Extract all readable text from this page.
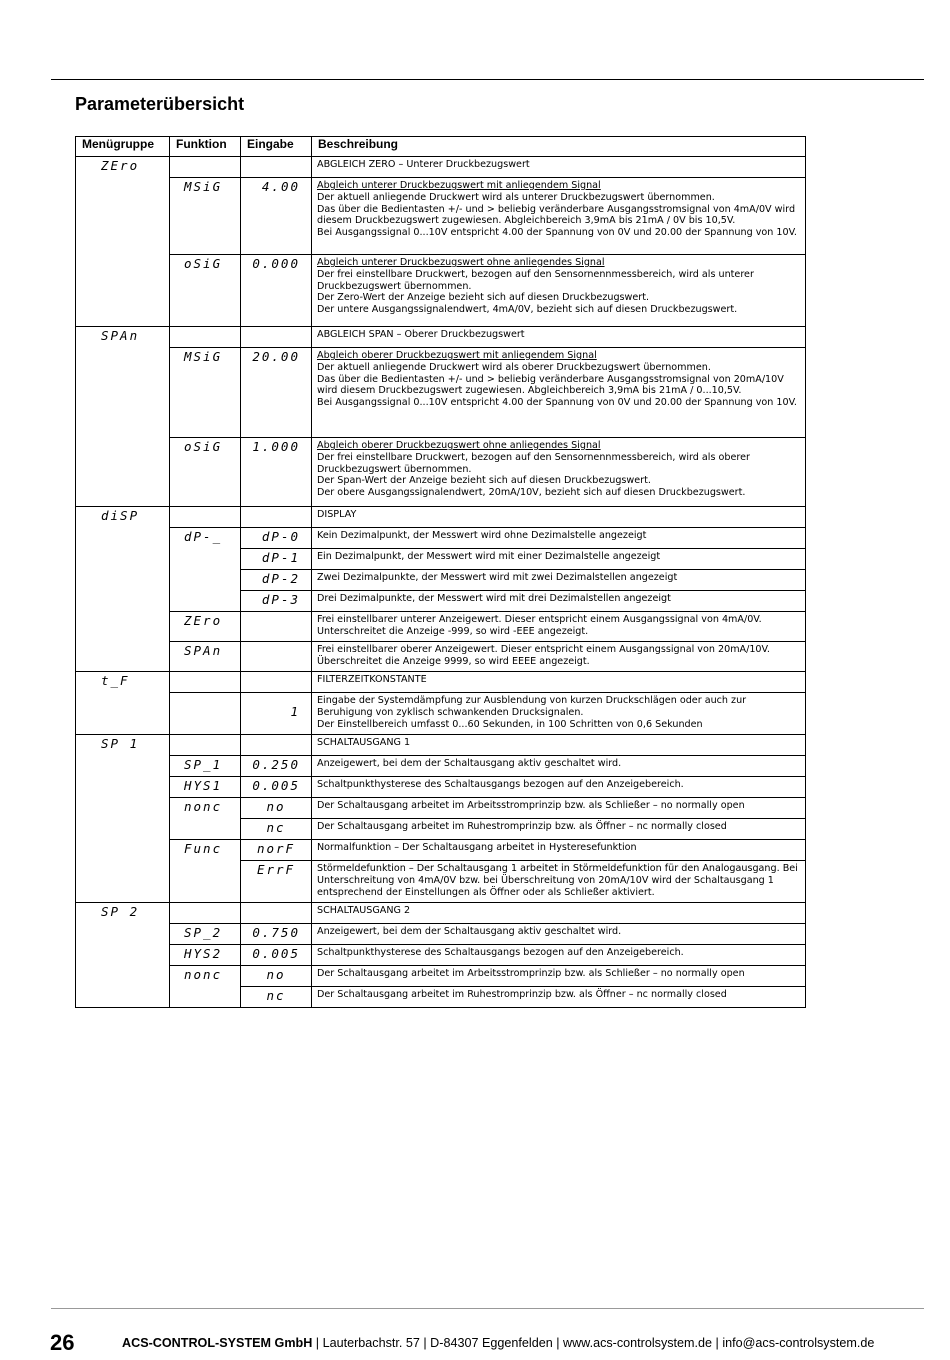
Parameterübersicht
Menügruppe	Funktion	Eingabe	Beschreibung

ZEro			ABGLEICH ZERO – Unterer Druckbezugswert

	MSiG	4.00	Abgleich unterer Druckbezugswert mit anliegendem Signal
Der aktuell anliegende Druckwert wird als unterer Druckbezugswert übernommen.
Das über die Bedientasten +/- und > beliebig veränderbare Ausgangsstromsignal von 4mA/0V wird diesem Druckbezugswert zugewiesen. Abgleichbereich 3,9mA bis 21mA / 0V bis 10,5V.
Bei Ausgangssignal 0...10V entspricht 4.00 der Spannung von 0V und 20.00 der Spannung von 10V.

	oSiG	0.000	Abgleich unterer Druckbezugswert ohne anliegendes Signal
Der frei einstellbare Druckwert, bezogen auf den Sensornennmessbereich, wird als unterer Druckbezugswert übernommen.
Der Zero-Wert der Anzeige bezieht sich auf diesen Druckbezugswert.
Der untere Ausgangssignalendwert, 4mA/0V, bezieht sich auf diesen Druckbezugswert.

SPAn			ABGLEICH SPAN – Oberer Druckbezugswert

	MSiG	20.00	Abgleich oberer Druckbezugswert mit anliegendem Signal
Der aktuell anliegende Druckwert wird als oberer Druckbezugswert übernommen.
Das über die Bedientasten +/- und > beliebig veränderbare Ausgangsstromsignal von 20mA/10V wird diesem Druckbezugswert zugewiesen. Abgleichbereich 3,9mA bis 21mA / 0...10,5V.
Bei Ausgangssignal 0...10V entspricht 4.00 der Spannung von 0V und 20.00 der Spannung von 10V.

	oSiG	1.000	Abgleich oberer Druckbezugswert ohne anliegendes Signal
Der frei einstellbare Druckwert, bezogen auf den Sensornennmessbereich, wird als oberer Druckbezugswert übernommen.
Der Span-Wert der Anzeige bezieht sich auf diesen Druckbezugswert.
Der obere Ausgangssignalendwert, 20mA/10V, bezieht sich auf diesen Druckbezugswert.

diSP			DISPLAY

	dP-_	dP-0	Kein Dezimalpunkt, der Messwert wird ohne Dezimalstelle angezeigt

		dP-1	Ein Dezimalpunkt, der Messwert wird mit einer Dezimalstelle angezeigt

		dP-2	Zwei Dezimalpunkte, der Messwert wird mit zwei Dezimalstellen angezeigt

		dP-3	Drei Dezimalpunkte, der Messwert wird mit drei Dezimalstellen angezeigt

	ZEro		Frei einstellbarer unterer Anzeigewert. Dieser entspricht einem Ausgangssignal von 4mA/0V.
Unterschreitet die Anzeige -999, so wird -EEE angezeigt.

	SPAn		Frei einstellbarer oberer Anzeigewert. Dieser entspricht einem Ausgangssignal von 20mA/10V.
Überschreitet die Anzeige 9999, so wird EEEE angezeigt.

t_F			FILTERZEITKONSTANTE

		1	Eingabe der Systemdämpfung zur Ausblendung von kurzen Druckschlägen oder auch zur Beruhigung von zyklisch schwankenden Drucksignalen.
Der Einstellbereich umfasst 0...60 Sekunden, in 100 Schritten von 0,6 Sekunden

SP 1			SCHALTAUSGANG 1

	SP_1	0.250	Anzeigewert, bei dem der Schaltausgang aktiv geschaltet wird.

	HYS1	0.005	Schaltpunkthysterese des Schaltausgangs bezogen auf den Anzeigebereich.

	nonc	no	Der Schaltausgang arbeitet im Arbeitsstromprinzip bzw. als Schließer – no normally open

		nc	Der Schaltausgang arbeitet im Ruhestromprinzip bzw. als Öffner – nc normally closed

	Func	norF	Normalfunktion – Der Schaltausgang arbeitet in Hysteresefunktion

		ErrF	Störmeldefunktion – Der Schaltausgang 1 arbeitet in Störmeldefunktion für den Analogausgang. Bei Unterschreitung von 4mA/0V bzw. bei Überschreitung von 20mA/10V wird der Schaltausgang 1 entsprechend der Einstellungen als Öffner oder als Schließer aktiviert.

SP 2			SCHALTAUSGANG 2

	SP_2	0.750	Anzeigewert, bei dem der Schaltausgang aktiv geschaltet wird.

	HYS2	0.005	Schaltpunkthysterese des Schaltausgangs bezogen auf den Anzeigebereich.

	nonc	no	Der Schaltausgang arbeitet im Arbeitsstromprinzip bzw. als Schließer – no normally open

		nc	Der Schaltausgang arbeitet im Ruhestromprinzip bzw. als Öffner – nc normally closed
26	ACS-CONTROL-SYSTEM GmbH | Lauterbachstr. 57 | D-84307 Eggenfelden | www.acs-controlsystem.de | info@acs-controlsystem.de
